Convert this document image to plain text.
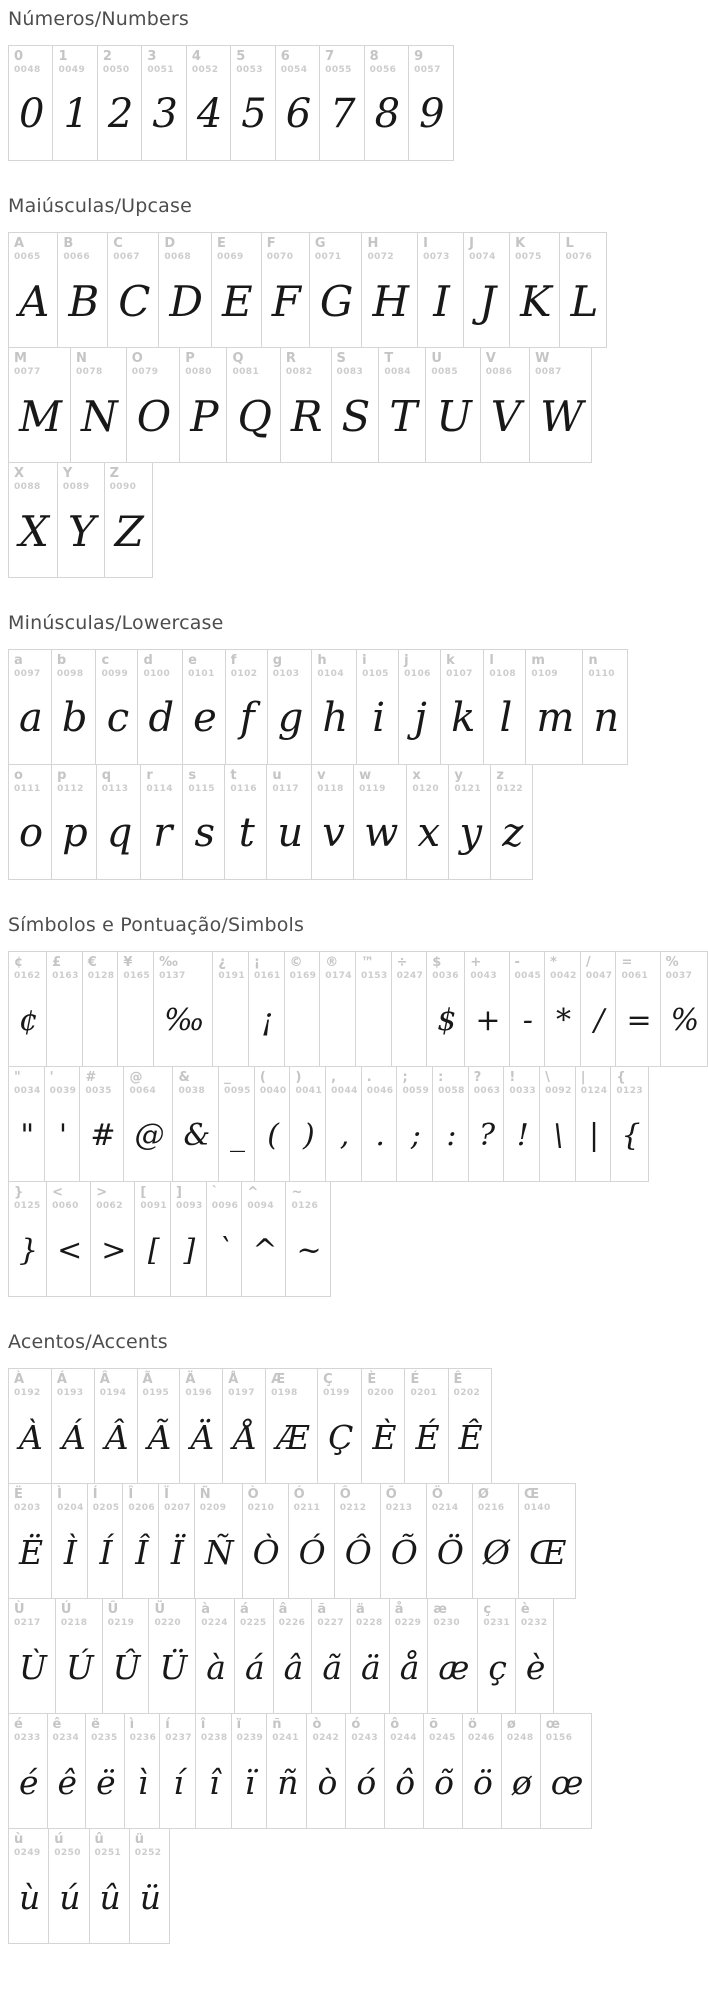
Números/Numbers
0
0048
0
1
0049
1
2
0050
2
3
0051
3
4
0052
4
5
0053
5
6
0054
6
7
0055
7
8
0056
8
9
0057
9
Maiúsculas/Upcase
A
0065
A
B
0066
B
C
0067
C
D
0068
D
E
0069
E
F
0070
F
G
0071
G
H
0072
H
I
0073
I
J
0074
J
K
0075
K
L
0076
L
M
0077
M
N
0078
N
O
0079
O
P
0080
P
Q
0081
Q
R
0082
R
S
0083
S
T
0084
T
U
0085
U
V
0086
V
W
0087
W
X
0088
X
Y
0089
Y
Z
0090
Z
Minúsculas/Lowercase
a
0097
a
b
0098
b
c
0099
c
d
0100
d
e
0101
e
f
0102
f
g
0103
g
h
0104
h
i
0105
i
j
0106
j
k
0107
k
l
0108
l
m
0109
m
n
0110
n
o
0111
o
p
0112
p
q
0113
q
r
0114
r
s
0115
s
t
0116
t
u
0117
u
v
0118
v
w
0119
w
x
0120
x
y
0121
y
z
0122
z
Símbolos e Pontuação/Simbols
¢
0162
¢
£
0163
€
0128
¥
0165
‰
0137
‰
¿
0191
¡
0161
¡
©
0169
®
0174
™
0153
÷
0247
$
0036
$
+
0043
+
-
0045
-
*
0042
*
/
0047
/
=
0061
=
%
0037
%
"
0034
"
'
0039
'
#
0035
#
@
0064
@
&
0038
&
_
0095
_
(
0040
(
)
0041
)
,
0044
,
.
0046
.
;
0059
;
:
0058
:
?
0063
?
!
0033
!
\
0092
\
|
0124
|
{
0123
{
}
0125
}
<
0060
<
>
0062
>
[
0091
[
]
0093
]
`
0096
`
^
0094
^
~
0126
~
Acentos/Accents
À
0192
À
Á
0193
Á
Â
0194
Â
Ã
0195
Ã
Ä
0196
Ä
Å
0197
Å
Æ
0198
Æ
Ç
0199
Ç
È
0200
È
É
0201
É
Ê
0202
Ê
Ë
0203
Ë
Ì
0204
Ì
Í
0205
Í
Î
0206
Î
Ï
0207
Ï
Ñ
0209
Ñ
Ò
0210
Ò
Ó
0211
Ó
Ô
0212
Ô
Õ
0213
Õ
Ö
0214
Ö
Ø
0216
Ø
Œ
0140
Œ
Ù
0217
Ù
Ú
0218
Ú
Û
0219
Û
Ü
0220
Ü
à
0224
à
á
0225
á
â
0226
â
ã
0227
ã
ä
0228
ä
å
0229
å
æ
0230
æ
ç
0231
ç
è
0232
è
é
0233
é
ê
0234
ê
ë
0235
ë
ì
0236
ì
í
0237
í
î
0238
î
ï
0239
ï
ñ
0241
ñ
ò
0242
ò
ó
0243
ó
ô
0244
ô
õ
0245
õ
ö
0246
ö
ø
0248
ø
œ
0156
œ
ù
0249
ù
ú
0250
ú
û
0251
û
ü
0252
ü
